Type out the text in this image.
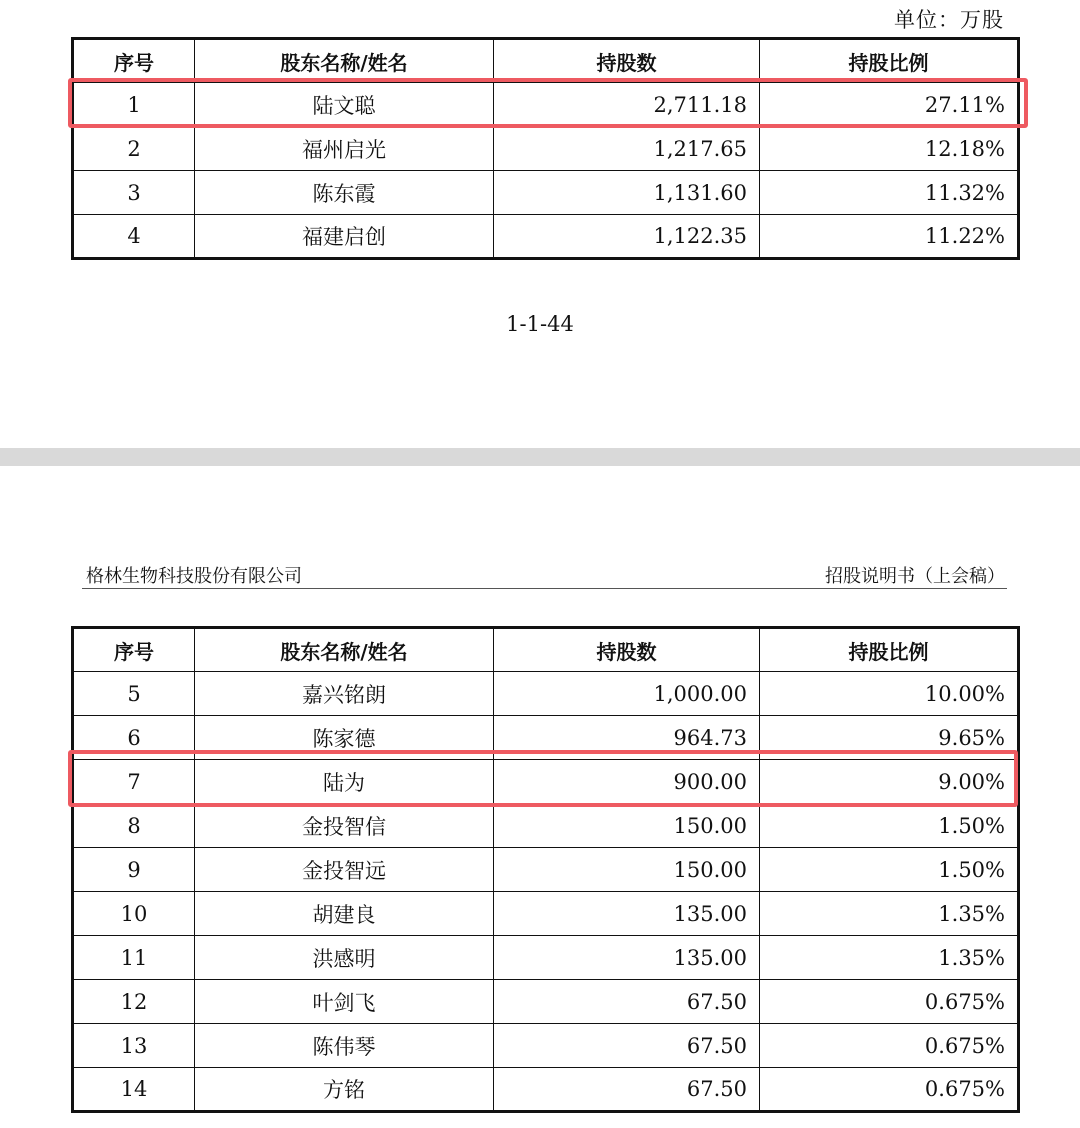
单位：万股
序号	股东名称/姓名	持股数	持股比例
1	陆文聪	2,711.18	27.11%
2	福州启光	1,217.65	12.18%
3	陈东霞	1,131.60	11.32%
4	福建启创	1,122.35	11.22%
1-1-44
格林生物科技股份有限公司	招股说明书（上会稿）
序号	股东名称/姓名	持股数	持股比例
5	嘉兴铭朗	1,000.00	10.00%
6	陈家德	964.73	9.65%
7	陆为	900.00	9.00%
8	金投智信	150.00	1.50%
9	金投智远	150.00	1.50%
10	胡建良	135.00	1.35%
11	洪感明	135.00	1.35%
12	叶剑飞	67.50	0.675%
13	陈伟琴	67.50	0.675%
14	方铭	67.50	0.675%
